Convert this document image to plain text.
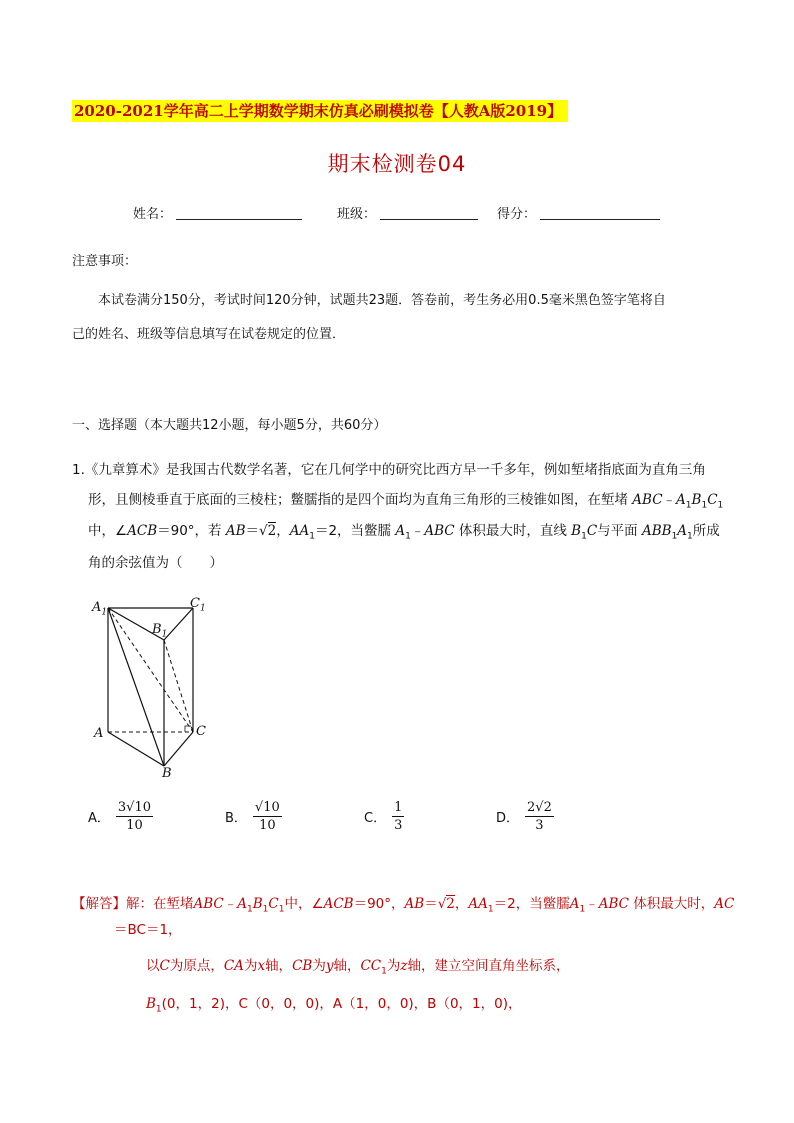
2020-2021学年高二上学期数学期末仿真必刷模拟卷【人教A版2019】
期末检测卷04
姓名：	班级：	得分：
注意事项：
本试卷满分150分，考试时间120分钟，试题共23题．答卷前，考生务必用0.5毫米黑色签字笔将自
己的姓名、班级等信息填写在试卷规定的位置．
一、选择题（本大题共12小题，每小题5分，共60分）
1.《九章算术》是我国古代数学名著，它在几何学中的研究比西方早一千多年，例如堑堵指底面为直角三角
形，且侧棱垂直于底面的三棱柱；鳖臑指的是四个面均为直角三角形的三棱锥如图，在堑堵 $ABC﹣A_1B_1C_1$
中，∠ACB＝90°，若 AB＝√2，$AA_1=2$，当鳖臑 $A_1﹣ABC$ 体积最大时，直线 $B_1C$与平面 $ABB_1A_1$所成
角的余弦值为（　　）
$A_1$
$C_1$
$B_1$
A	C
B
A． $\frac{3√10}{10}$	B． $\frac{√10}{10}$	C． $\frac{1}{3}$	D． $\frac{2√2}{3}$
【解答】解：在堑堵$ABC﹣A_1B_1C_1$中，∠ACB＝90°，AB＝√2，$AA_1=2$，当鳖臑$A_1﹣ABC$ 体积最大时，AC
＝BC＝1，
以C为原点，CA为x轴，CB为y轴，$CC_1$为z轴，建立空间直角坐标系，
$B_1(0$，1，2)，C（0，0，0)，A（1，0，0)，B（0，1，0)，
